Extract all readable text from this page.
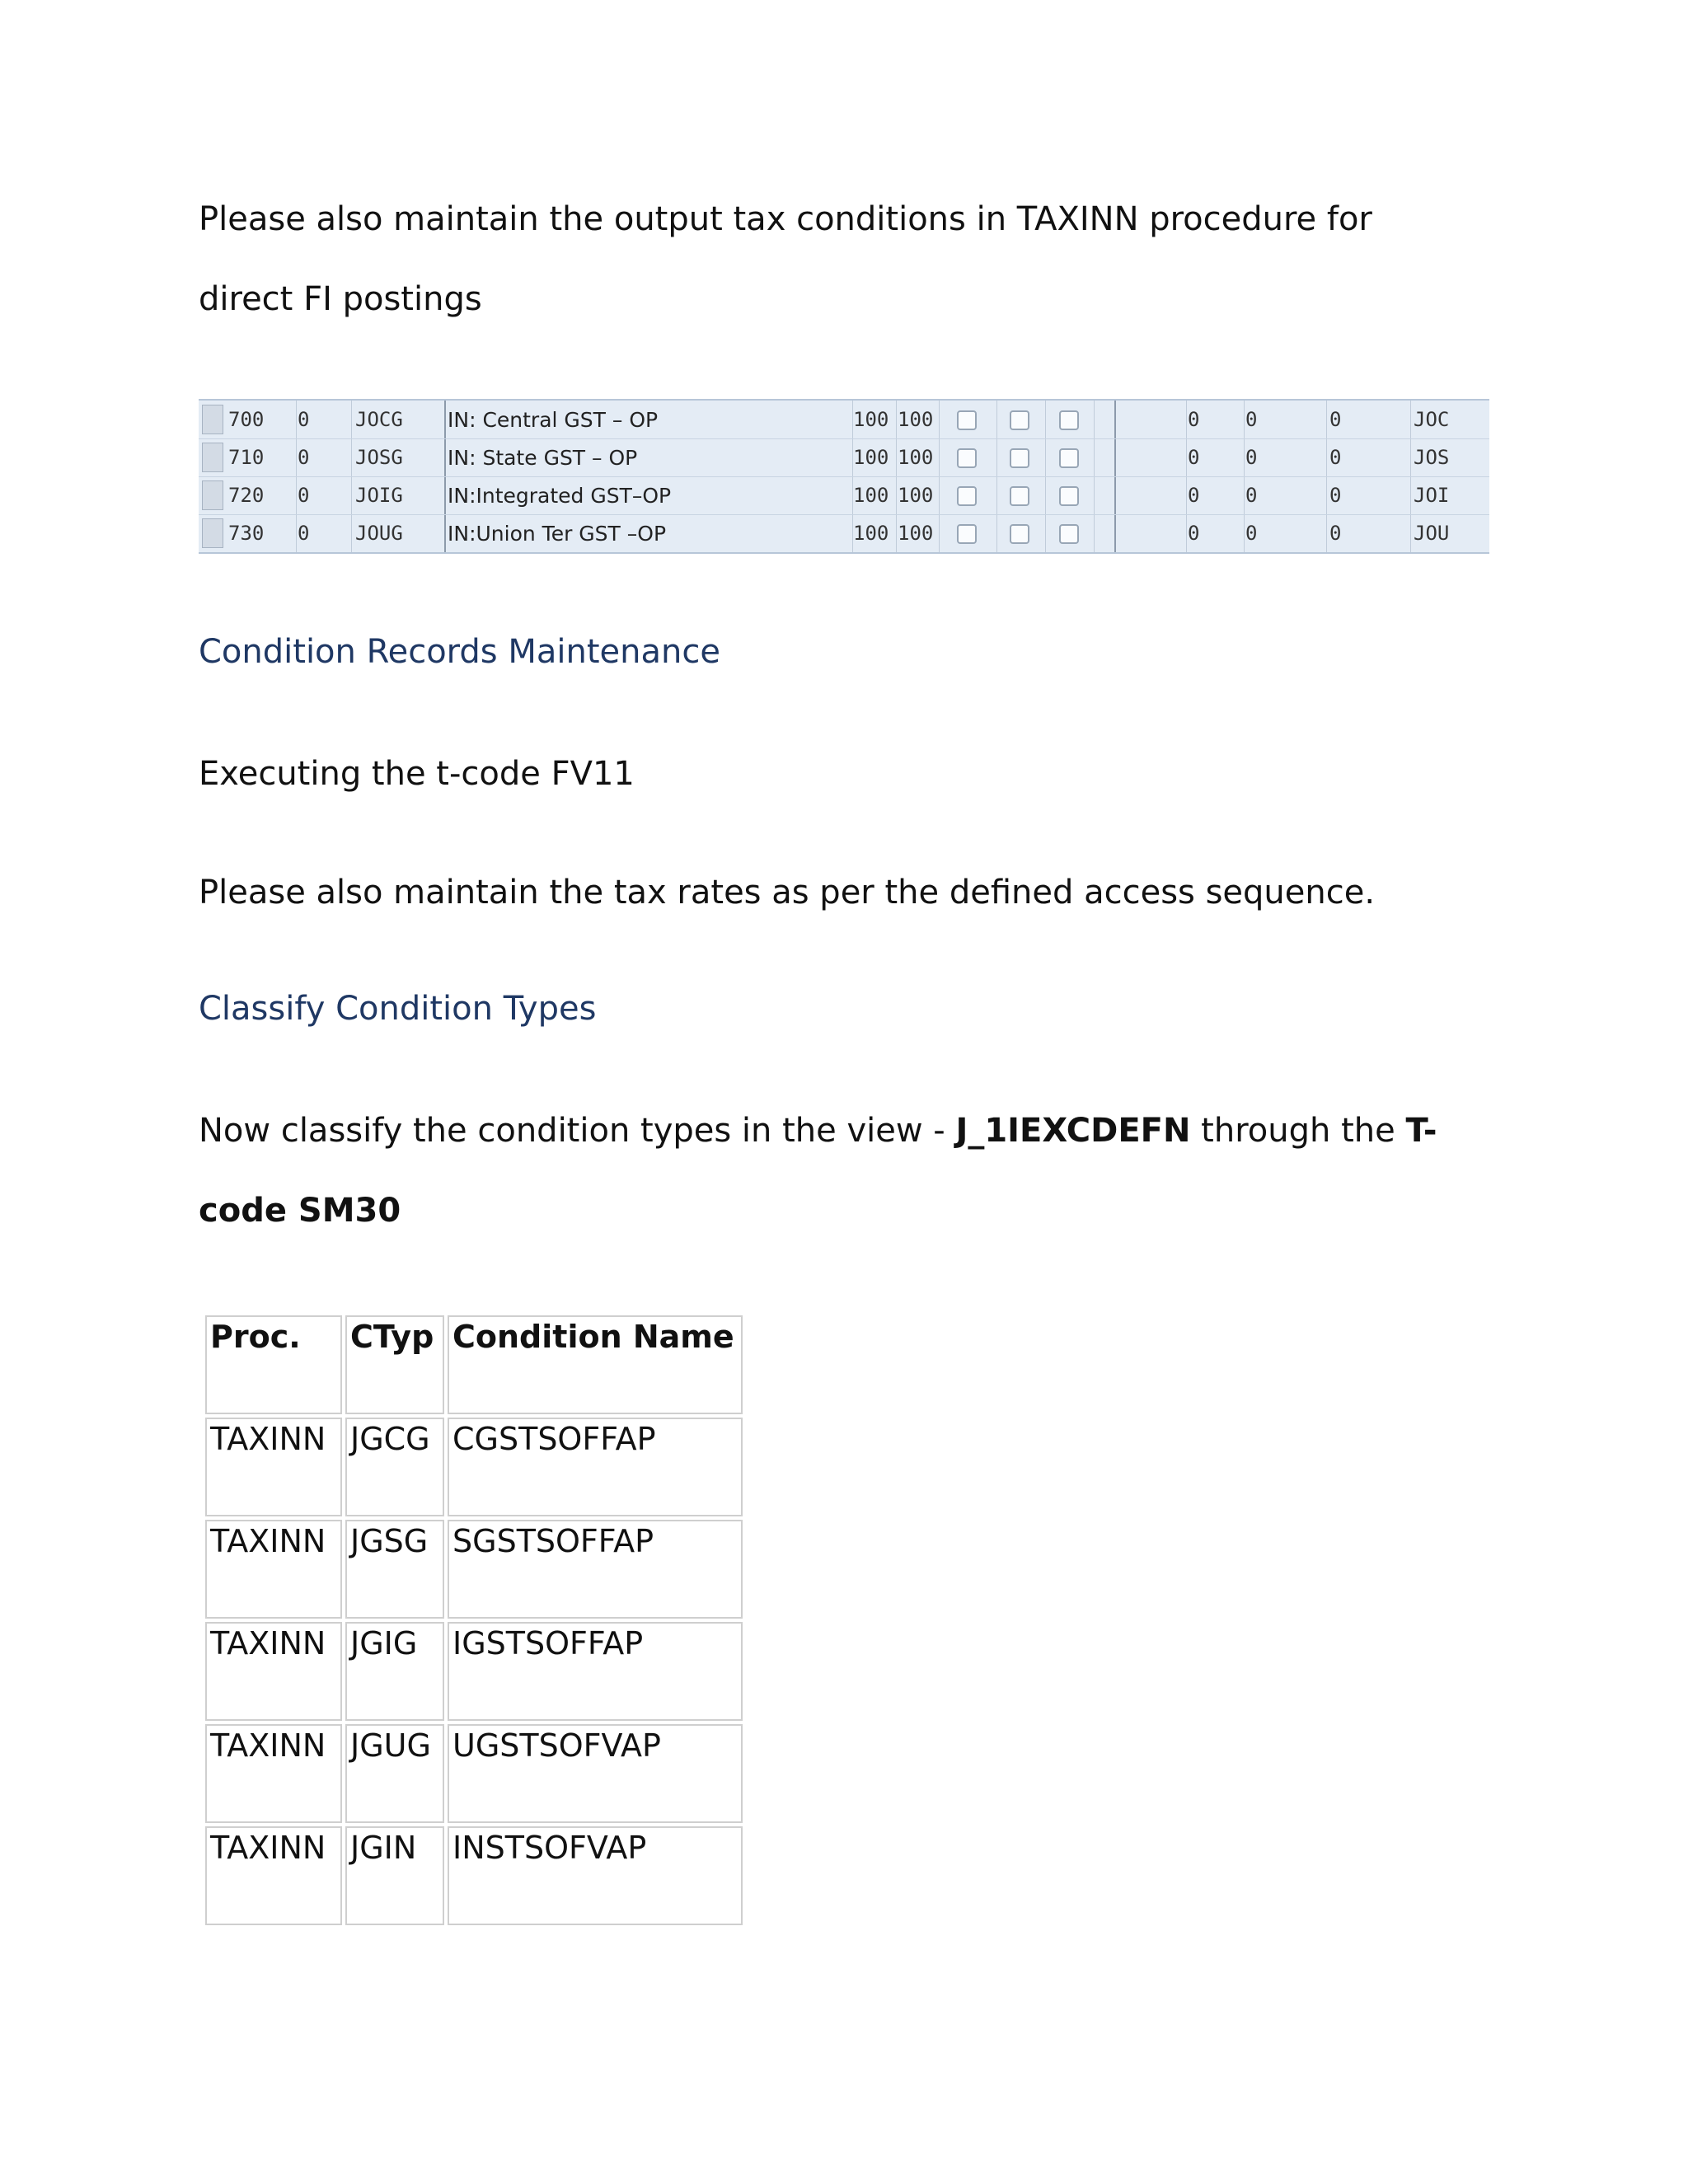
Please also maintain the output tax conditions in TAXINN procedure for

direct FI postings

700 0 JOCG IN: Central GST – OP	100 100	0 0	0	JOC
710 0 JOSG IN: State GST – OP	100 100	0 0	0	JOS
720 0 JOIG IN:Integrated GST–OP	100 100	0 0	0	JOI
730 0 JOUG IN:Union Ter GST –OP	100 100	0 0	0	JOU
Condition Records Maintenance

Executing the t-code FV11

Please also maintain the tax rates as per the defined access sequence.

Classify Condition Types

Now classify the condition types in the view - J_1IEXCDEFN through the T-

code SM30

Proc.	CTyp	Condition Name
TAXINN	JGCG	CGSTSOFFAP
TAXINN	JGSG	SGSTSOFFAP
TAXINN	JGIG	IGSTSOFFAP
TAXINN	JGUG	UGSTSOFVAP
TAXINN	JGIN	INSTSOFVAP
